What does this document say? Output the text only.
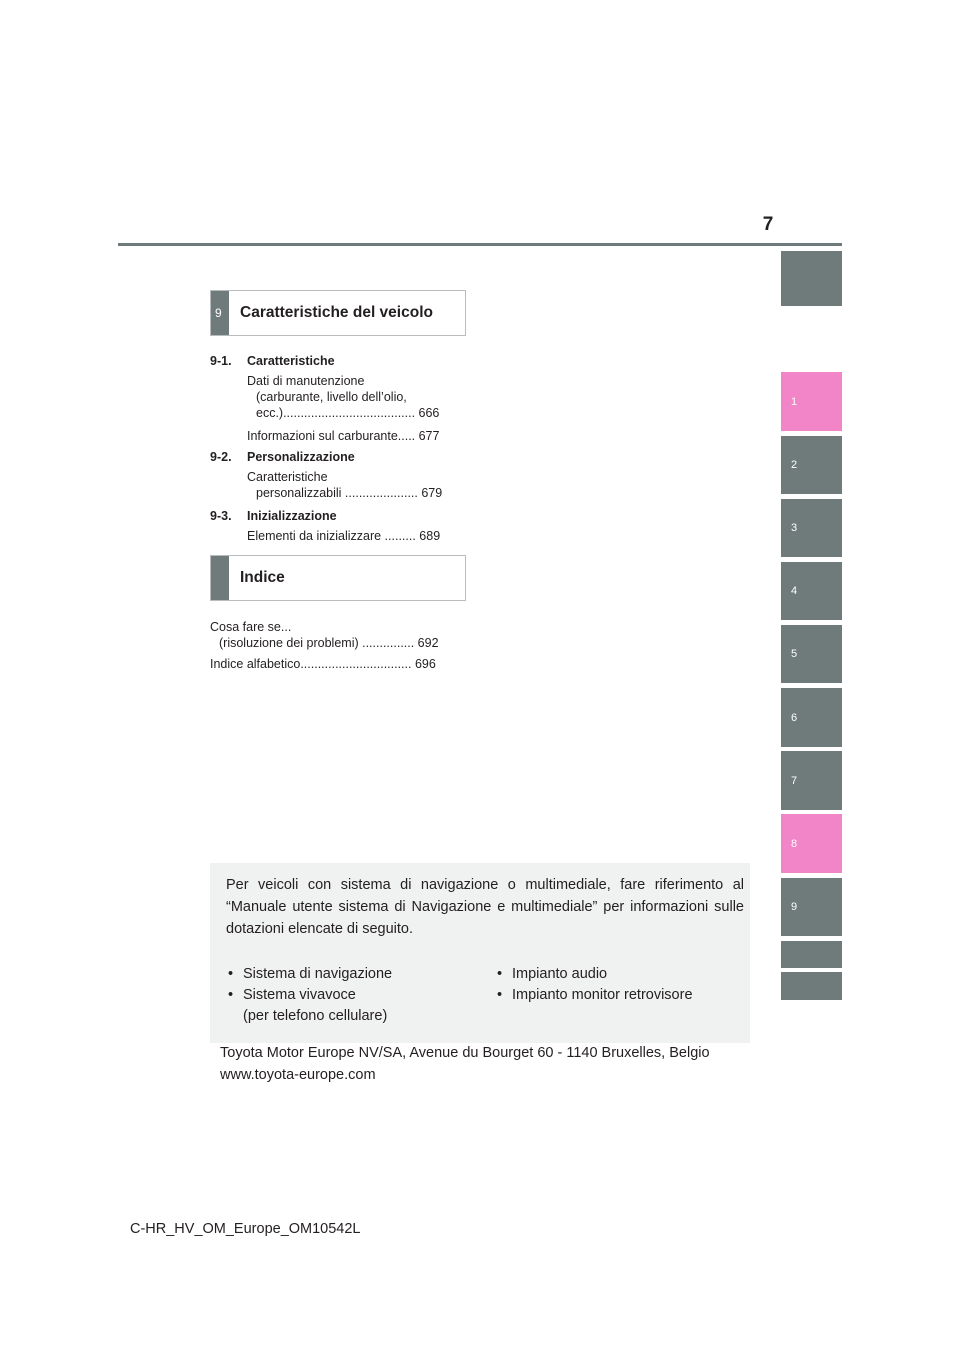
7
1
2
3
4
5
6
7
8
9
9 Caratteristiche del veicolo
9-1. Caratteristiche
Dati di manutenzione
(carburante, livello dell’olio,
ecc.)...................................... 666
Informazioni sul carburante..... 677
9-2. Personalizzazione
Caratteristiche
personalizzabili ..................... 679
9-3. Inizializzazione
Elementi da inizializzare ......... 689
Indice
Cosa fare se...
(risoluzione dei problemi) ............... 692
Indice alfabetico................................ 696
Per veicoli con sistema di navigazione o multimediale, fare riferimento al “Manuale utente sistema di Navigazione e multimediale” per informazioni sulle dotazioni elencate di seguito.
• Sistema di navigazione
• Sistema vivavoce
(per telefono cellulare)
• Impianto audio
• Impianto monitor retrovisore
Toyota Motor Europe NV/SA, Avenue du Bourget 60 - 1140 Bruxelles, Belgio
www.toyota-europe.com
C-HR_HV_OM_Europe_OM10542L
